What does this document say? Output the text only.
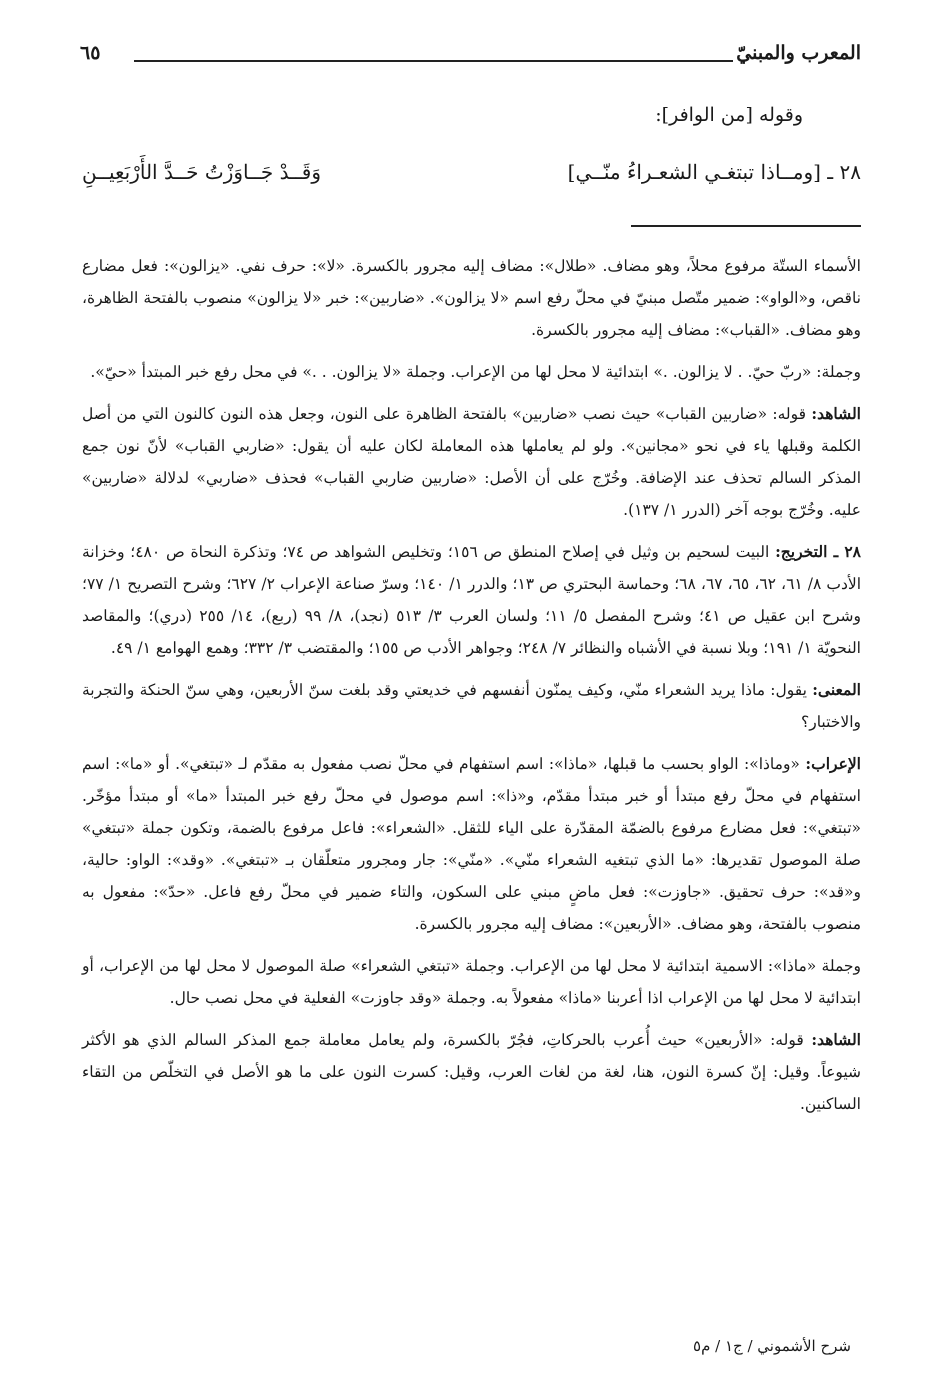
المعرب والمبنيّ
٦٥
وقوله [من الوافر]:
٢٨ ـ [ومــاذا تبتغـي الشعـراءُ منّــي]
وَقَــدْ جَــاوَزْتُ حَــدَّ الأَرْبَعِيــنِ

الأسماء الستّة مرفوع محلاً، وهو مضاف. «طلال»: مضاف إليه مجرور بالكسرة. «لا»: حرف نفي. «يزالون»: فعل مضارع ناقص، و«الواو»: ضمير متّصل مبنيّ في محلّ رفع اسم «لا يزالون». «ضاربين»: خبر «لا يزالون» منصوب بالفتحة الظاهرة، وهو مضاف. «القباب»: مضاف إليه مجرور بالكسرة.

وجملة: «ربّ حيّ. . لا يزالون. .» ابتدائية لا محل لها من الإعراب. وجملة «لا يزالون. . .» في محل رفع خبر المبتدأ «حيّ».

الشاهد: قوله: «ضاربين القباب» حيث نصب «ضاربين» بالفتحة الظاهرة على النون، وجعل هذه النون كالنون التي من أصل الكلمة وقبلها ياء في نحو «مجانين». ولو لم يعاملها هذه المعاملة لكان عليه أن يقول: «ضاربي القباب» لأنّ نون جمع المذكر السالم تحذف عند الإضافة. وخُرّج على أن الأصل: «ضاربين ضاربي القباب» فحذف «ضاربي» لدلالة «ضاربين» عليه. وخُرّج بوجه آخر (الدرر ١/ ١٣٧).

٢٨ ـ التخريج: البيت لسحيم بن وثيل في إصلاح المنطق ص ١٥٦؛ وتخليص الشواهد ص ٧٤؛ وتذكرة النحاة ص ٤٨٠؛ وخزانة الأدب ٨/ ٦١، ٦٢، ٦٥، ٦٧، ٦٨؛ وحماسة البحتري ص ١٣؛ والدرر ١/ ١٤٠؛ وسرّ صناعة الإعراب ٢/ ٦٢٧؛ وشرح التصريح ١/ ٧٧؛ وشرح ابن عقيل ص ٤١؛ وشرح المفصل ٥/ ١١؛ ولسان العرب ٣/ ٥١٣ (نجد)، ٨/ ٩٩ (ربع)، ١٤/ ٢٥٥ (دري)؛ والمقاصد النحويّة ١/ ١٩١؛ وبلا نسبة في الأشباه والنظائر ٧/ ٢٤٨؛ وجواهر الأدب ص ١٥٥؛ والمقتضب ٣/ ٣٣٢؛ وهمع الهوامع ١/ ٤٩.

المعنى: يقول: ماذا يريد الشعراء منّي، وكيف يمنّون أنفسهم في خديعتي وقد بلغت سنّ الأربعين، وهي سنّ الحنكة والتجربة والاختبار؟

الإعراب: «وماذا»: الواو بحسب ما قبلها، «ماذا»: اسم استفهام في محلّ نصب مفعول به مقدّم لـ «تبتغي». أو «ما»: اسم استفهام في محلّ رفع مبتدأ أو خبر مبتدأ مقدّم، و«ذا»: اسم موصول في محلّ رفع خبر المبتدأ «ما» أو مبتدأ مؤخّر. «تبتغي»: فعل مضارع مرفوع بالضمّة المقدّرة على الياء للثقل. «الشعراء»: فاعل مرفوع بالضمة، وتكون جملة «تبتغي» صلة الموصول تقديرها: «ما الذي تبتغيه الشعراء منّي». «منّي»: جار ومجرور متعلّقان بـ «تبتغي». «وقد»: الواو: حالية، و«قد»: حرف تحقيق. «جاوزت»: فعل ماضٍ مبني على السكون، والتاء ضمير في محلّ رفع فاعل. «حدّ»: مفعول به منصوب بالفتحة، وهو مضاف. «الأربعين»: مضاف إليه مجرور بالكسرة.

وجملة «ماذا»: الاسمية ابتدائية لا محل لها من الإعراب. وجملة «تبتغي الشعراء» صلة الموصول لا محل لها من الإعراب، أو ابتدائية لا محل لها من الإعراب اذا أعربنا «ماذا» مفعولاً به. وجملة «وقد جاوزت» الفعلية في محل نصب حال.

الشاهد: قوله: «الأربعين» حيث أُعرب بالحركاتِ، فجُرّ بالكسرة، ولم يعامل معاملة جمع المذكر السالم الذي هو الأكثر شيوعاً. وقيل: إنّ كسرة النون، هنا، لغة من لغات العرب، وقيل: كسرت النون على ما هو الأصل في التخلّص من التقاء الساكنين.

شرح الأشموني / ج١ / م٥
